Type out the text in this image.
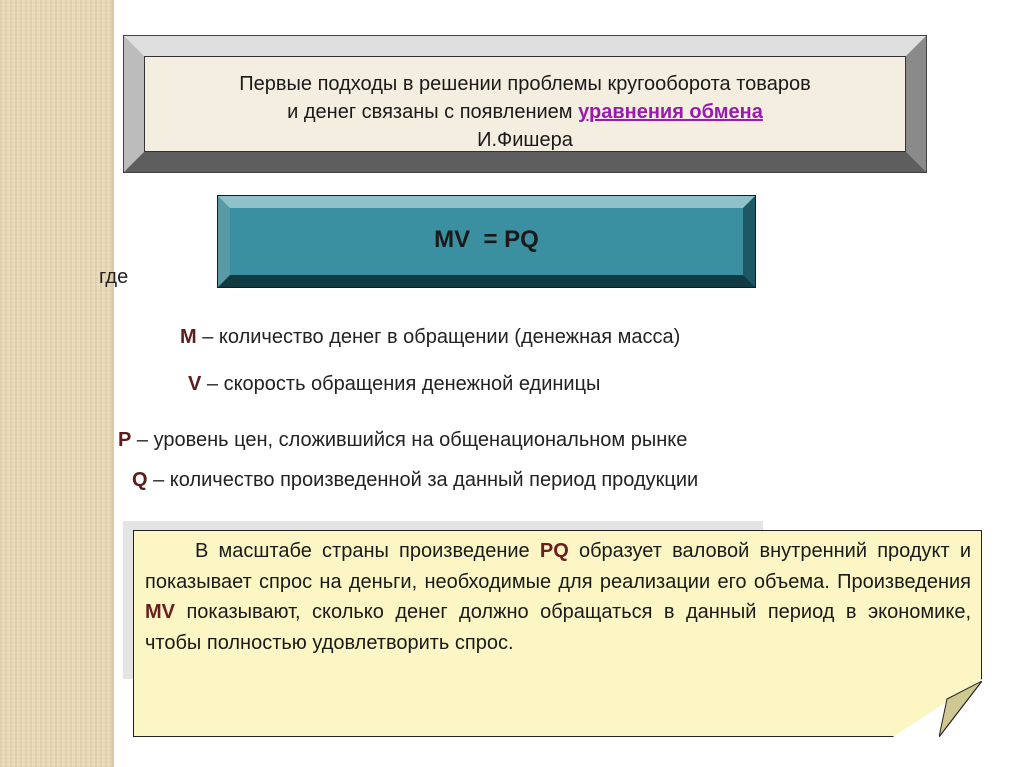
Первые подходы в решении проблемы кругооборота товаров
и денег связаны с появлением уравнения обмена
И.Фишера
MV  = PQ
где
М – количество денег в обращении (денежная масса)
V – скорость обращения денежной единицы
Р – уровень цен, сложившийся на общенациональном рынке
Q – количество произведенной за данный период продукции
В масштабе страны произведение PQ образует валовой внутренний продукт и показывает спрос на деньги, необходимые для реализации его объема. Произведения MV показывают, сколько денег должно обращаться в данный период в экономике, чтобы полностью удовлетворить спрос.
